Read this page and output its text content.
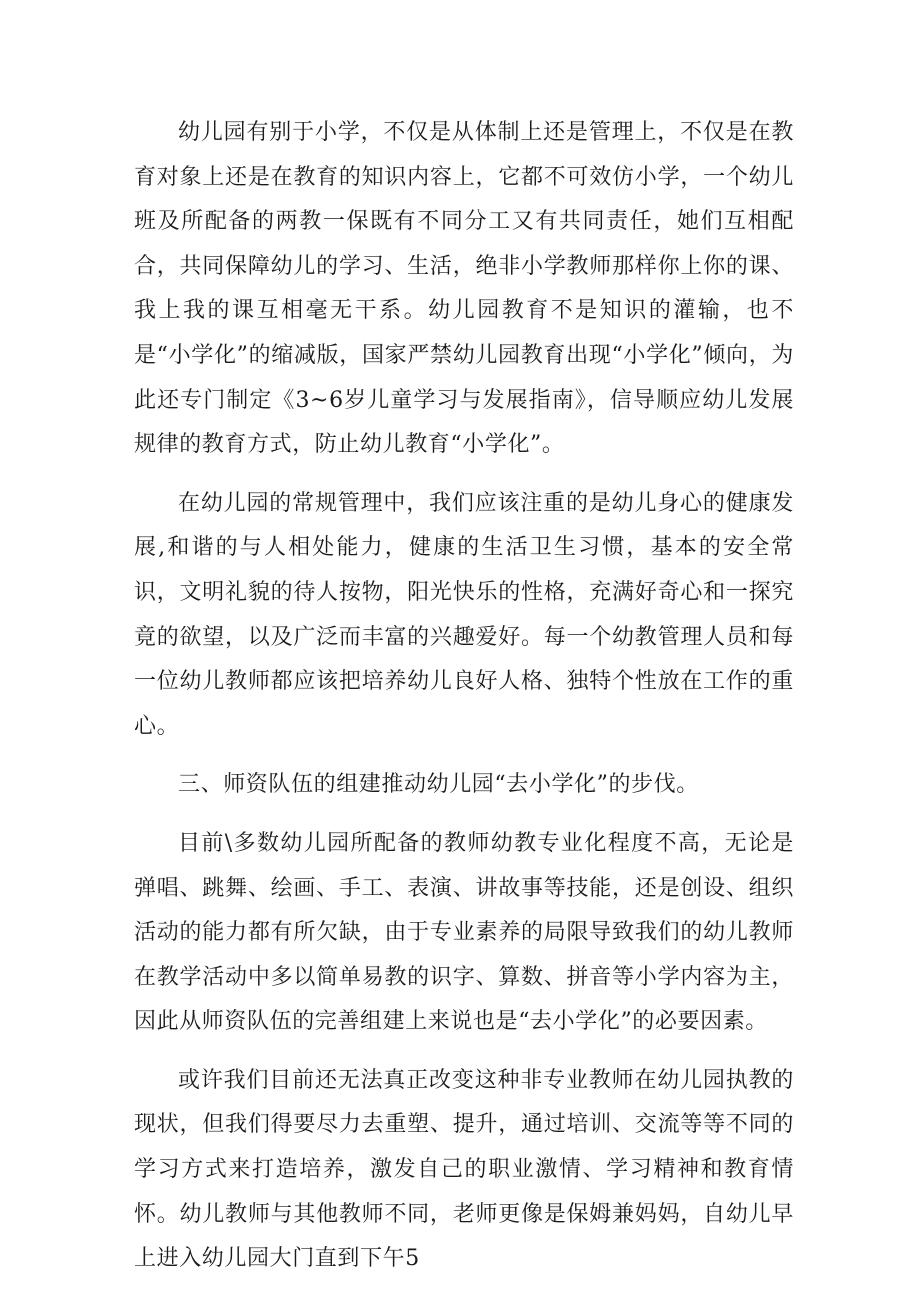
幼儿园有别于小学，不仅是从体制上还是管理上，不仅是在教育对象上还是在教育的知识内容上，它都不可效仿小学，一个幼儿班及所配备的两教一保既有不同分工又有共同责任，她们互相配合，共同保障幼儿的学习、生活，绝非小学教师那样你上你的课、我上我的课互相毫无干系。幼儿园教育不是知识的灌输，也不是“小学化”的缩减版，国家严禁幼儿园教育出现“小学化”倾向，为此还专门制定《3~6岁儿童学习与发展指南》，信导顺应幼儿发展规律的教育方式，防止幼儿教育“小学化”。

在幼儿园的常规管理中，我们应该注重的是幼儿身心的健康发展,和谐的与人相处能力，健康的生活卫生习惯，基本的安全常识，文明礼貌的待人按物，阳光快乐的性格，充满好奇心和一探究竟的欲望，以及广泛而丰富的兴趣爱好。每一个幼教管理人员和每一位幼儿教师都应该把培养幼儿良好人格、独特个性放在工作的重心。

三、师资队伍的组建推动幼儿园“去小学化”的步伐。

目前\多数幼儿园所配备的教师幼教专业化程度不高，无论是弹唱、跳舞、绘画、手工、表演、讲故事等技能，还是创设、组织活动的能力都有所欠缺，由于专业素养的局限导致我们的幼儿教师在教学活动中多以简单易教的识字、算数、拼音等小学内容为主，因此从师资队伍的完善组建上来说也是“去小学化”的必要因素。

或许我们目前还无法真正改变这种非专业教师在幼儿园执教的现状，但我们得要尽力去重塑、提升，通过培训、交流等等不同的学习方式来打造培养，激发自己的职业激情、学习精神和教育情怀。幼儿教师与其他教师不同，老师更像是保姆兼妈妈，自幼儿早上进入幼儿园大门直到下午5
